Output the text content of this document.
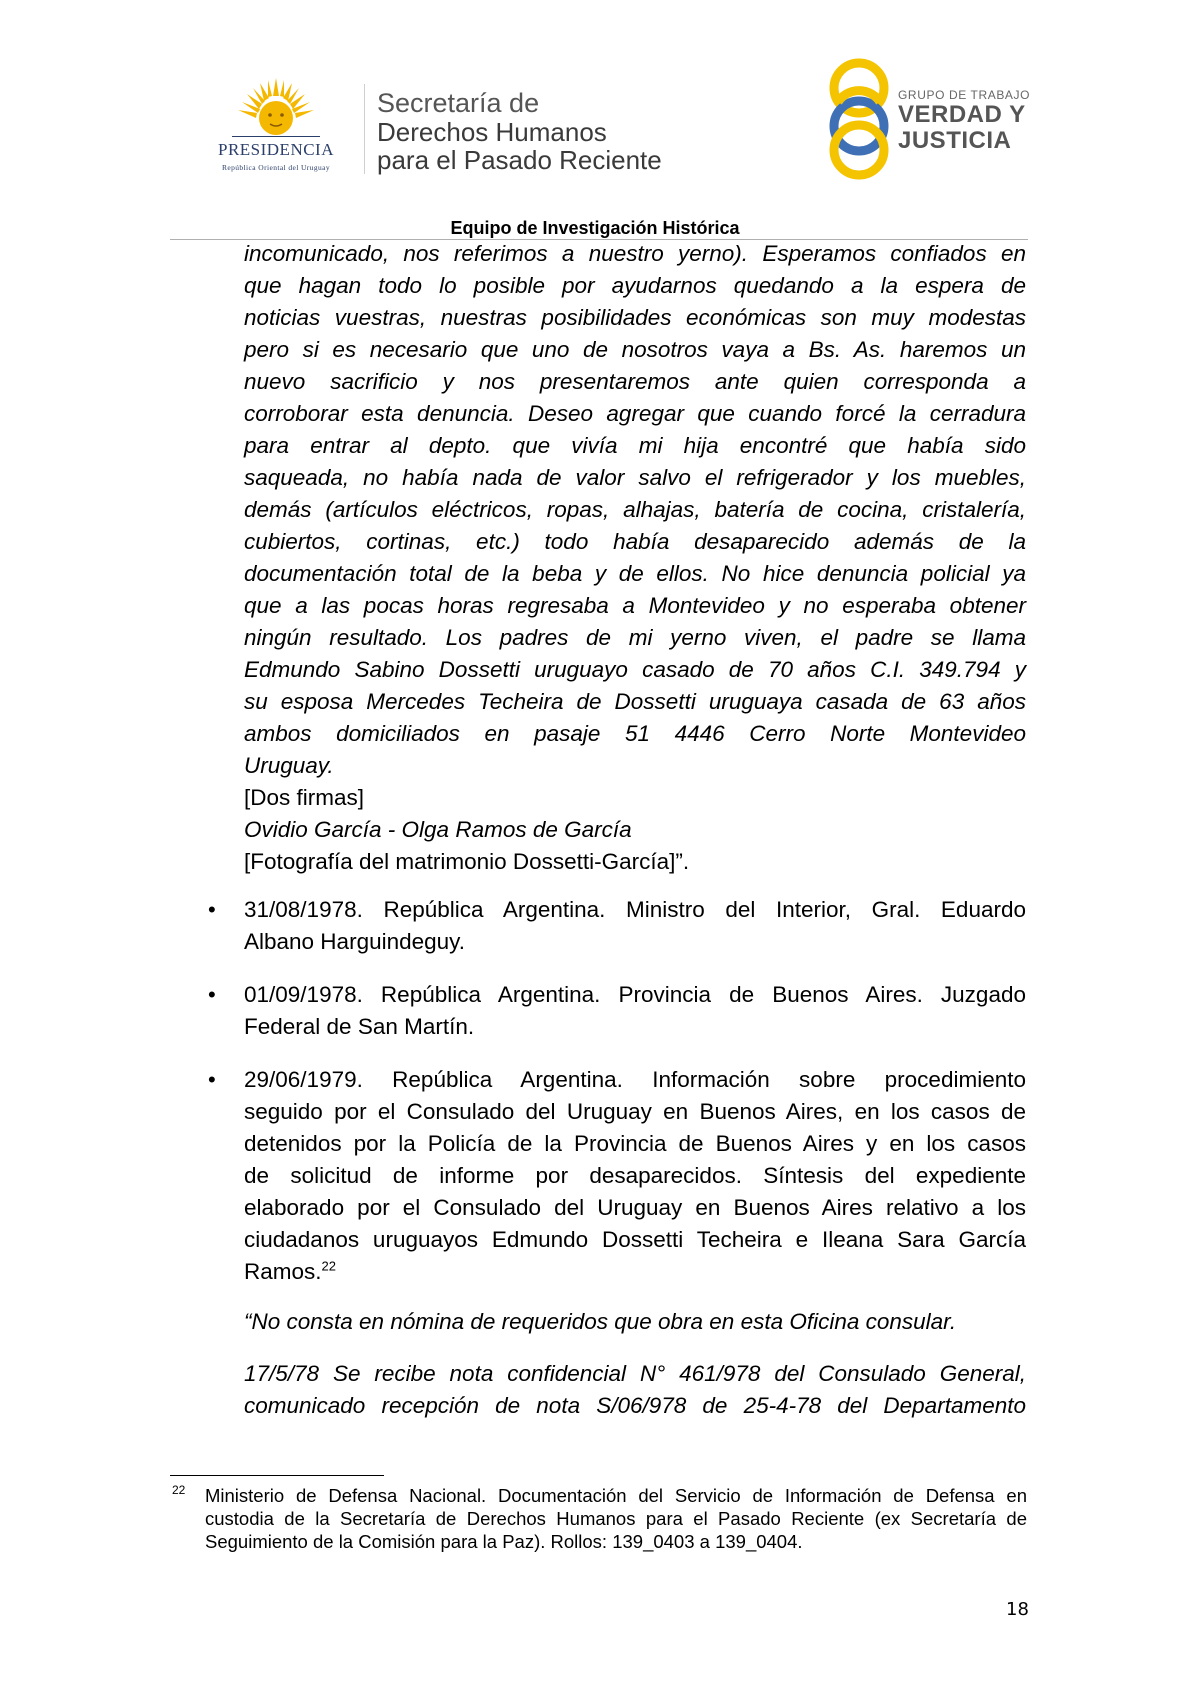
PRESIDENCIA
República Oriental del Uruguay
Secretaría de
Derechos Humanos
para el Pasado Reciente
GRUPO DE TRABAJO
VERDAD Y
JUSTICIA
Equipo de Investigación Histórica
incomunicado, nos referimos a nuestro yerno). Esperamos confiados en
que hagan todo lo posible por ayudarnos quedando a la espera de
noticias vuestras, nuestras posibilidades económicas son muy modestas
pero si es necesario que uno de nosotros vaya a Bs. As. haremos un
nuevo sacrificio y nos presentaremos ante quien corresponda a
corroborar esta denuncia. Deseo agregar que cuando forcé la cerradura
para entrar al depto. que vivía mi hija encontré que había sido
saqueada, no había nada de valor salvo el refrigerador y los muebles,
demás (artículos eléctricos, ropas, alhajas, batería de cocina, cristalería,
cubiertos, cortinas, etc.) todo había desaparecido además de la
documentación total de la beba y de ellos. No hice denuncia policial ya
que a las pocas horas regresaba a Montevideo y no esperaba obtener
ningún resultado. Los padres de mi yerno viven, el padre se llama
Edmundo Sabino Dossetti uruguayo casado de 70 años C.I. 349.794 y
su esposa Mercedes Techeira de Dossetti uruguaya casada de 63 años
ambos domiciliados en pasaje 51 4446 Cerro Norte Montevideo
Uruguay.
[Dos firmas]
Ovidio García - Olga Ramos de García
[Fotografía del matrimonio Dossetti-García]”.
• 31/08/1978. República Argentina. Ministro del Interior, Gral. Eduardo
Albano Harguindeguy.
• 01/09/1978. República Argentina. Provincia de Buenos Aires. Juzgado
Federal de San Martín.
• 29/06/1979. República Argentina. Información sobre procedimiento
seguido por el Consulado del Uruguay en Buenos Aires, en los casos de
detenidos por la Policía de la Provincia de Buenos Aires y en los casos
de solicitud de informe por desaparecidos. Síntesis del expediente
elaborado por el Consulado del Uruguay en Buenos Aires relativo a los
ciudadanos uruguayos Edmundo Dossetti Techeira e Ileana Sara García
Ramos.$^{22}$
“No consta en nómina de requeridos que obra en esta Oficina consular.
17/5/78 Se recibe nota confidencial N° 461/978 del Consulado General,
comunicado recepción de nota S/06/978 de 25-4-78 del Departamento
22 Ministerio de Defensa Nacional. Documentación del Servicio de Información de Defensa en
custodia de la Secretaría de Derechos Humanos para el Pasado Reciente (ex Secretaría de
Seguimiento de la Comisión para la Paz). Rollos: 139_0403 a 139_0404.
18
